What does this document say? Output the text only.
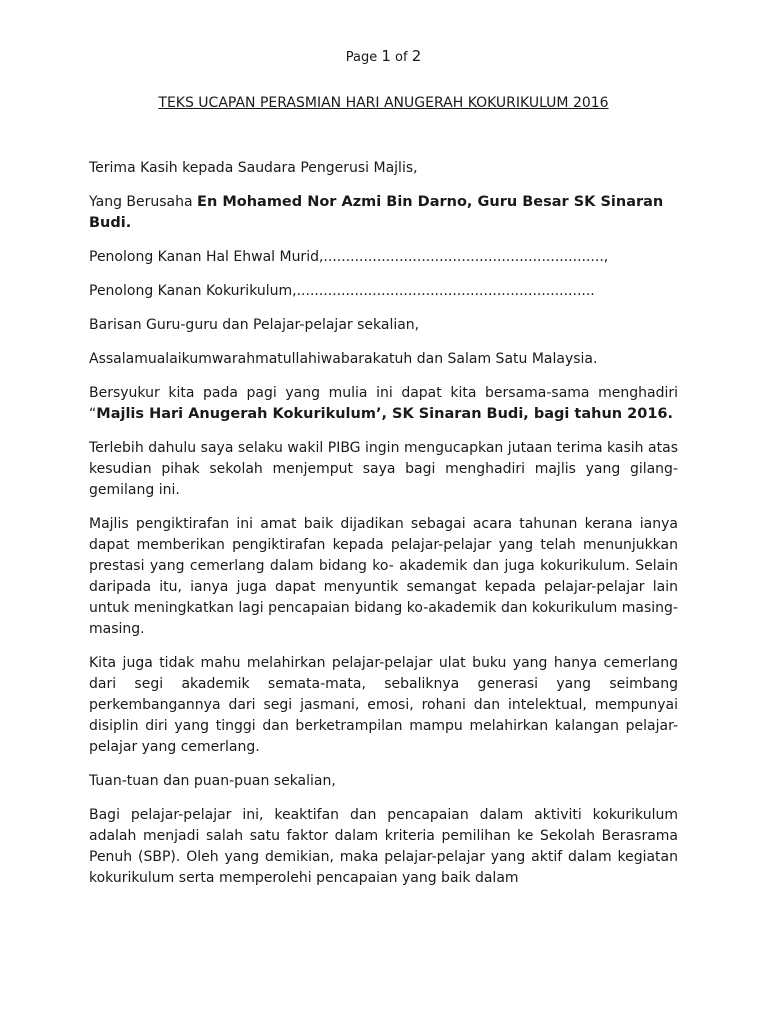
Page 1 of 2
TEKS UCAPAN PERASMIAN HARI ANUGERAH KOKURIKULUM 2016

Terima Kasih kepada Saudara Pengerusi Majlis,

Yang Berusaha En Mohamed Nor Azmi Bin Darno, Guru Besar SK Sinaran Budi.

Penolong Kanan Hal Ehwal Murid,...............................................................,

Penolong Kanan Kokurikulum,...................................................................

Barisan Guru-guru dan Pelajar-pelajar sekalian,

Assalamualaikumwarahmatullahiwabarakatuh dan Salam Satu Malaysia.

Bersyukur kita pada pagi yang mulia ini dapat kita bersama-sama menghadiri “Majlis Hari Anugerah Kokurikulum’, SK Sinaran Budi, bagi tahun 2016.

Terlebih dahulu saya selaku wakil PIBG ingin mengucapkan jutaan terima kasih atas kesudian pihak sekolah menjemput saya bagi menghadiri majlis yang gilang-gemilang ini.

Majlis pengiktirafan ini amat baik dijadikan sebagai acara tahunan kerana ianya dapat memberikan pengiktirafan kepada pelajar-pelajar yang telah menunjukkan prestasi yang cemerlang dalam bidang ko- akademik dan juga kokurikulum. Selain daripada itu, ianya juga dapat menyuntik semangat kepada pelajar-pelajar lain untuk meningkatkan lagi pencapaian bidang ko-akademik dan kokurikulum masing-masing.

Kita juga tidak mahu melahirkan pelajar-pelajar ulat buku yang hanya cemerlang dari segi akademik semata-mata, sebaliknya generasi yang seimbang perkembangannya dari segi jasmani, emosi, rohani dan intelektual, mempunyai disiplin diri yang tinggi dan berketrampilan mampu melahirkan kalangan pelajar-pelajar yang cemerlang.

Tuan-tuan dan puan-puan sekalian,

Bagi pelajar-pelajar ini, keaktifan dan pencapaian dalam aktiviti kokurikulum adalah menjadi salah satu faktor dalam kriteria pemilihan ke Sekolah Berasrama Penuh (SBP). Oleh yang demikian, maka pelajar-pelajar yang aktif dalam kegiatan kokurikulum serta memperolehi pencapaian yang baik dalam
